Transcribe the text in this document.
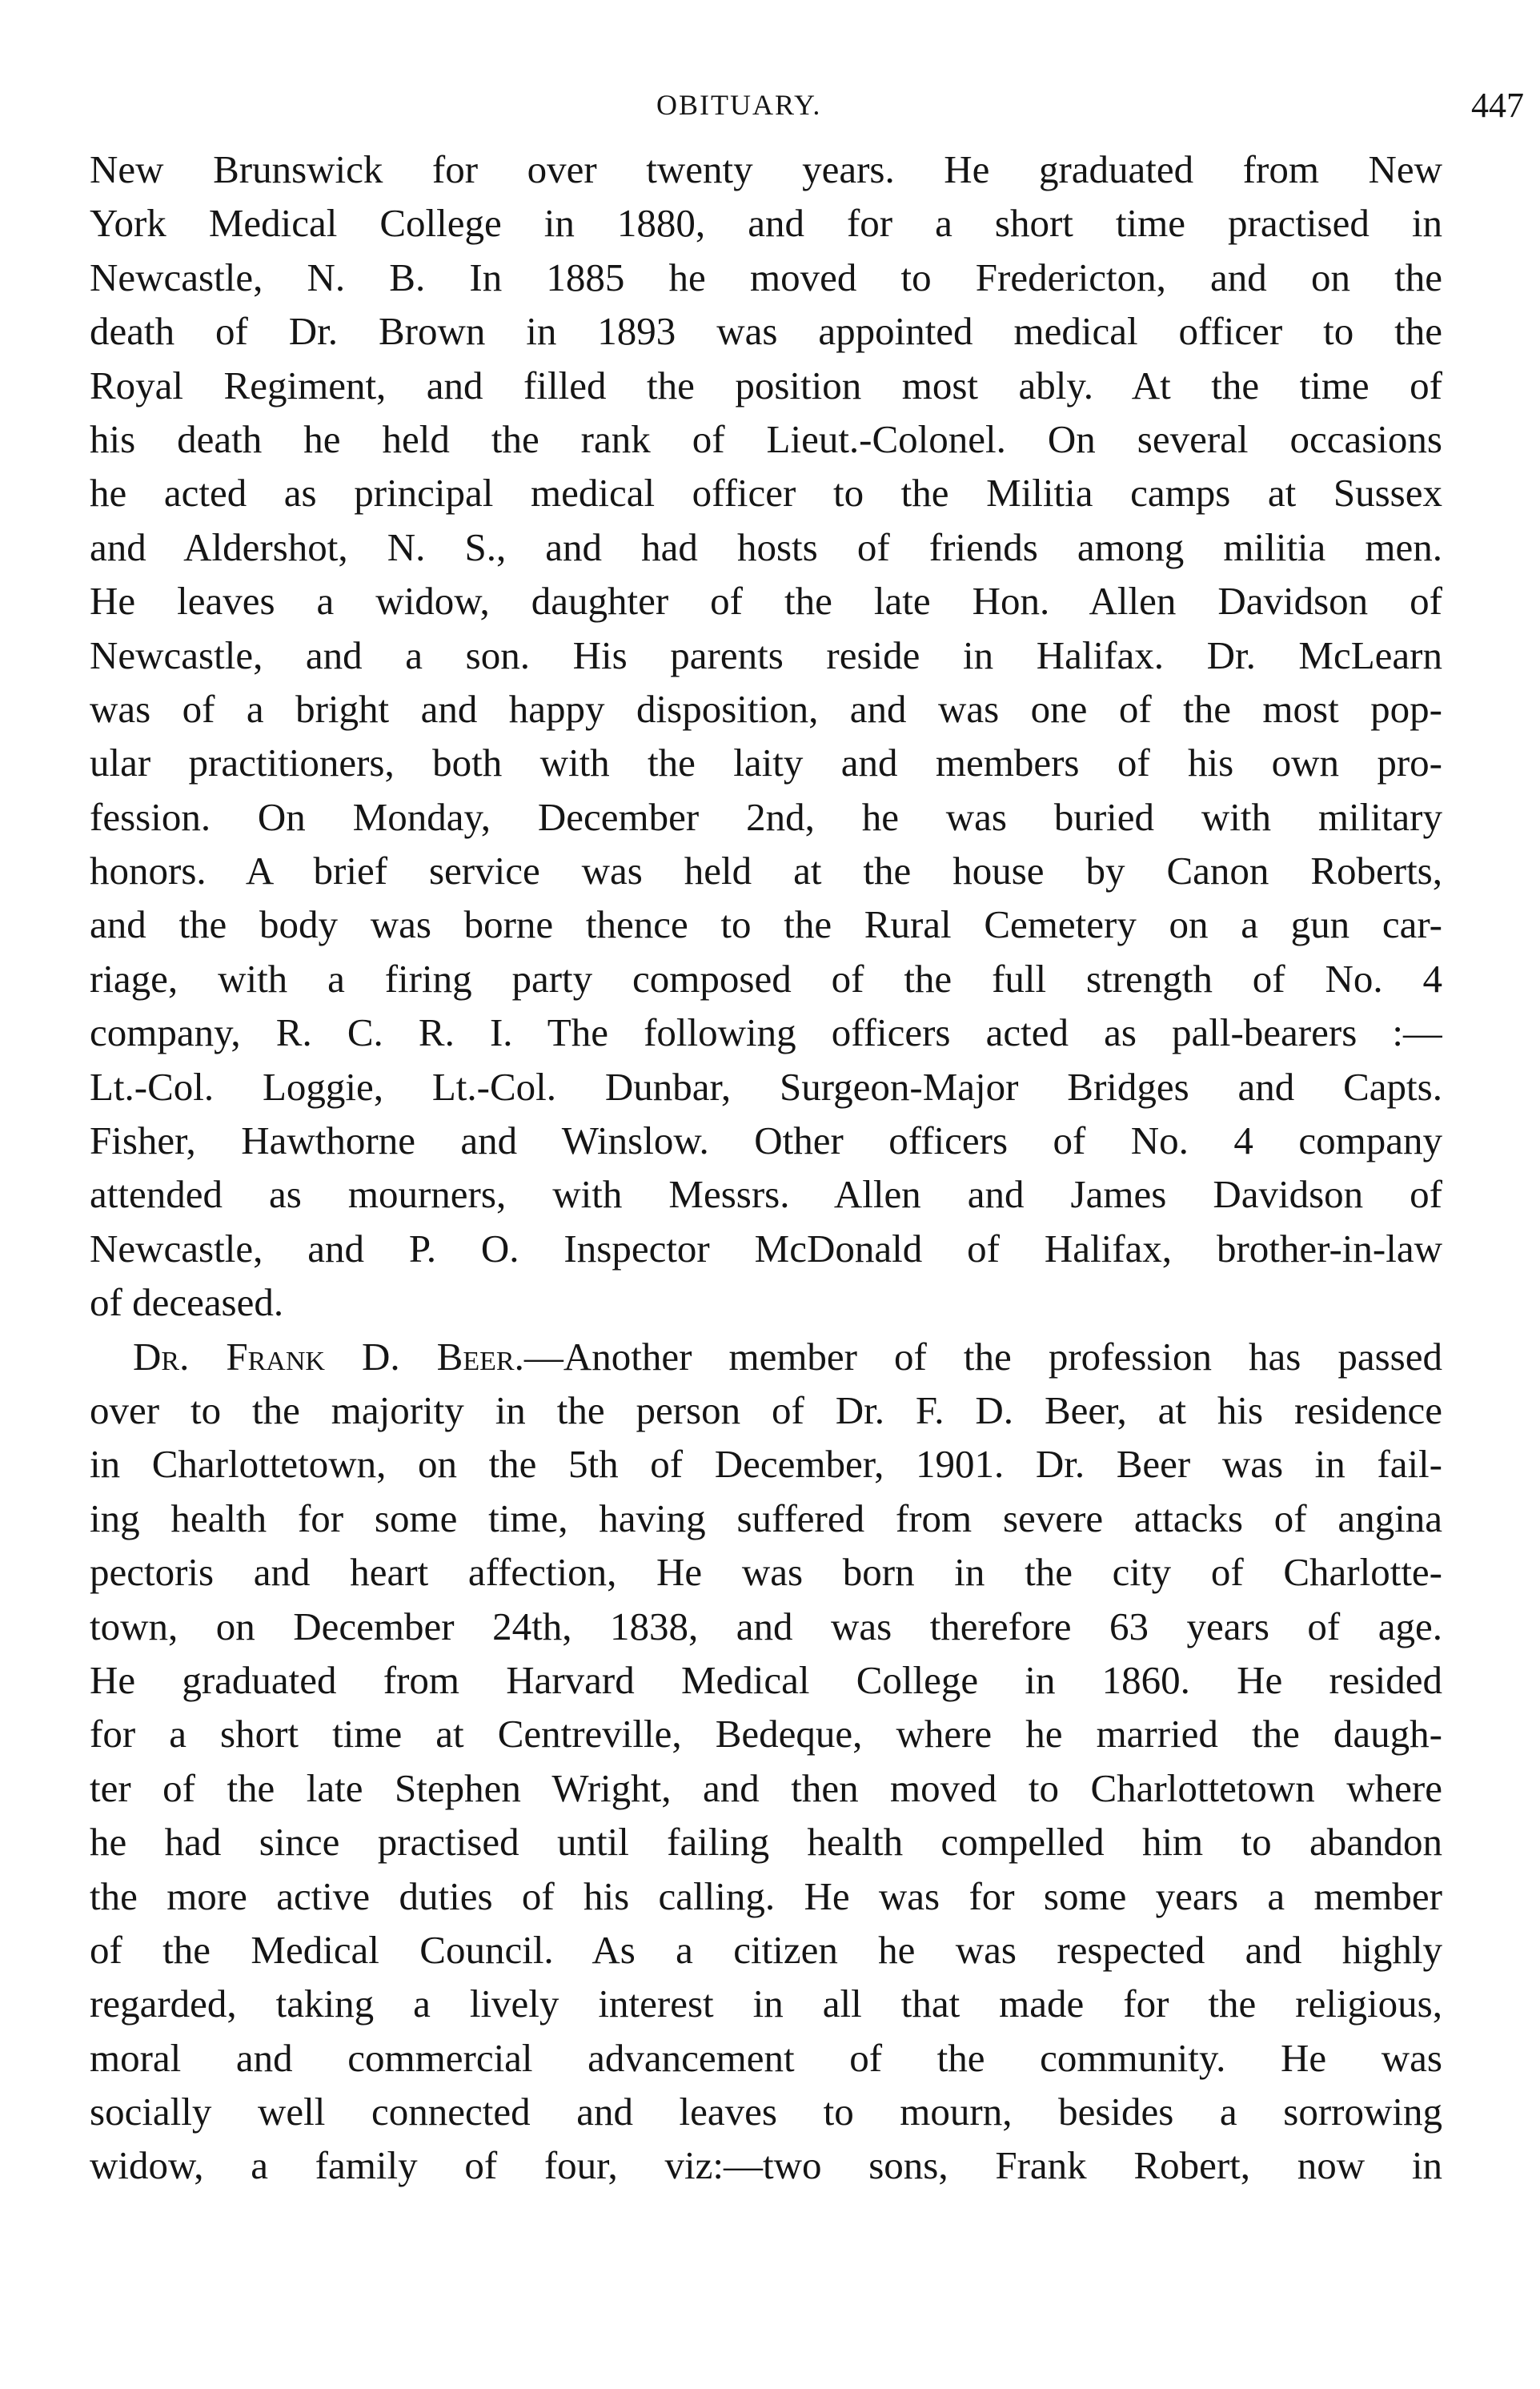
OBITUARY.	447
New Brunswick for over twenty years. He graduated from New
York Medical College in 1880, and for a short time practised in
Newcastle, N. B. In 1885 he moved to Fredericton, and on the
death of Dr. Brown in 1893 was appointed medical officer to the
Royal Regiment, and filled the position most ably. At the time of
his death he held the rank of Lieut.-Colonel. On several occasions
he acted as principal medical officer to the Militia camps at Sussex
and Aldershot, N. S., and had hosts of friends among militia men.
He leaves a widow, daughter of the late Hon. Allen Davidson of
Newcastle, and a son. His parents reside in Halifax. Dr. McLearn
was of a bright and happy disposition, and was one of the most pop-
ular practitioners, both with the laity and members of his own pro-
fession. On Monday, December 2nd, he was buried with military
honors. A brief service was held at the house by Canon Roberts,
and the body was borne thence to the Rural Cemetery on a gun car-
riage, with a firing party composed of the full strength of No. 4
company, R. C. R. I. The following officers acted as pall-bearers :—
Lt.-Col. Loggie, Lt.-Col. Dunbar, Surgeon-Major Bridges and Capts.
Fisher, Hawthorne and Winslow. Other officers of No. 4 company
attended as mourners, with Messrs. Allen and James Davidson of
Newcastle, and P. O. Inspector McDonald of Halifax, brother-in-law
of deceased.
Dr. Frank D. Beer.—Another member of the profession has passed
over to the majority in the person of Dr. F. D. Beer, at his residence
in Charlottetown, on the 5th of December, 1901. Dr. Beer was in fail-
ing health for some time, having suffered from severe attacks of angina
pectoris and heart affection, He was born in the city of Charlotte-
town, on December 24th, 1838, and was therefore 63 years of age.
He graduated from Harvard Medical College in 1860. He resided
for a short time at Centreville, Bedeque, where he married the daugh-
ter of the late Stephen Wright, and then moved to Charlottetown where
he had since practised until failing health compelled him to abandon
the more active duties of his calling. He was for some years a member
of the Medical Council. As a citizen he was respected and highly
regarded, taking a lively interest in all that made for the religious,
moral and commercial advancement of the community. He was
socially well connected and leaves to mourn, besides a sorrowing
widow, a family of four, viz:—two sons, Frank Robert, now in
